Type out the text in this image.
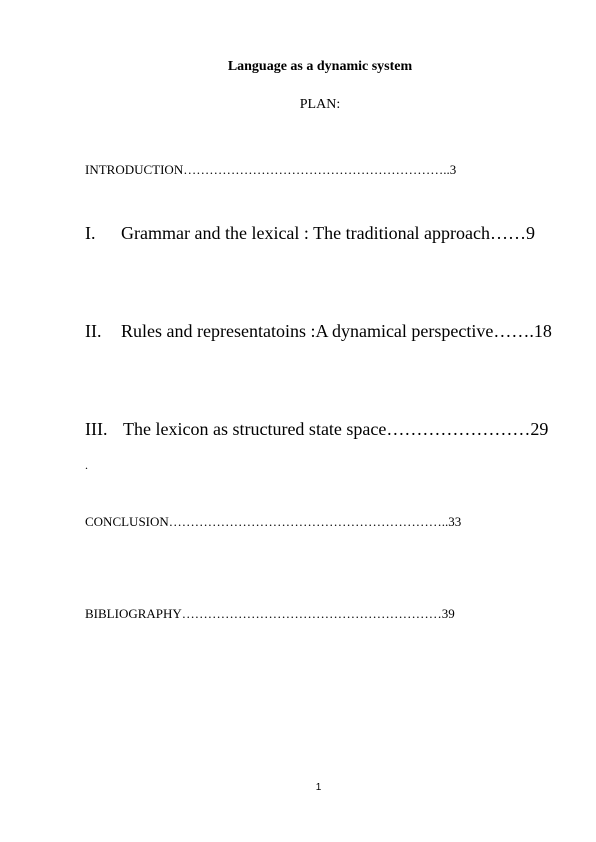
Language as a dynamic system
PLAN:
INTRODUCTION……………………………………………………..3
I. Grammar and the lexical : The traditional approach……9
II. Rules and representatoins :A dynamical perspective…….18
III. The lexicon as structured state space……………………29
.
CONCLUSION………………………………………………………..33
BIBLIOGRAPHY……………………………………………………39
1
